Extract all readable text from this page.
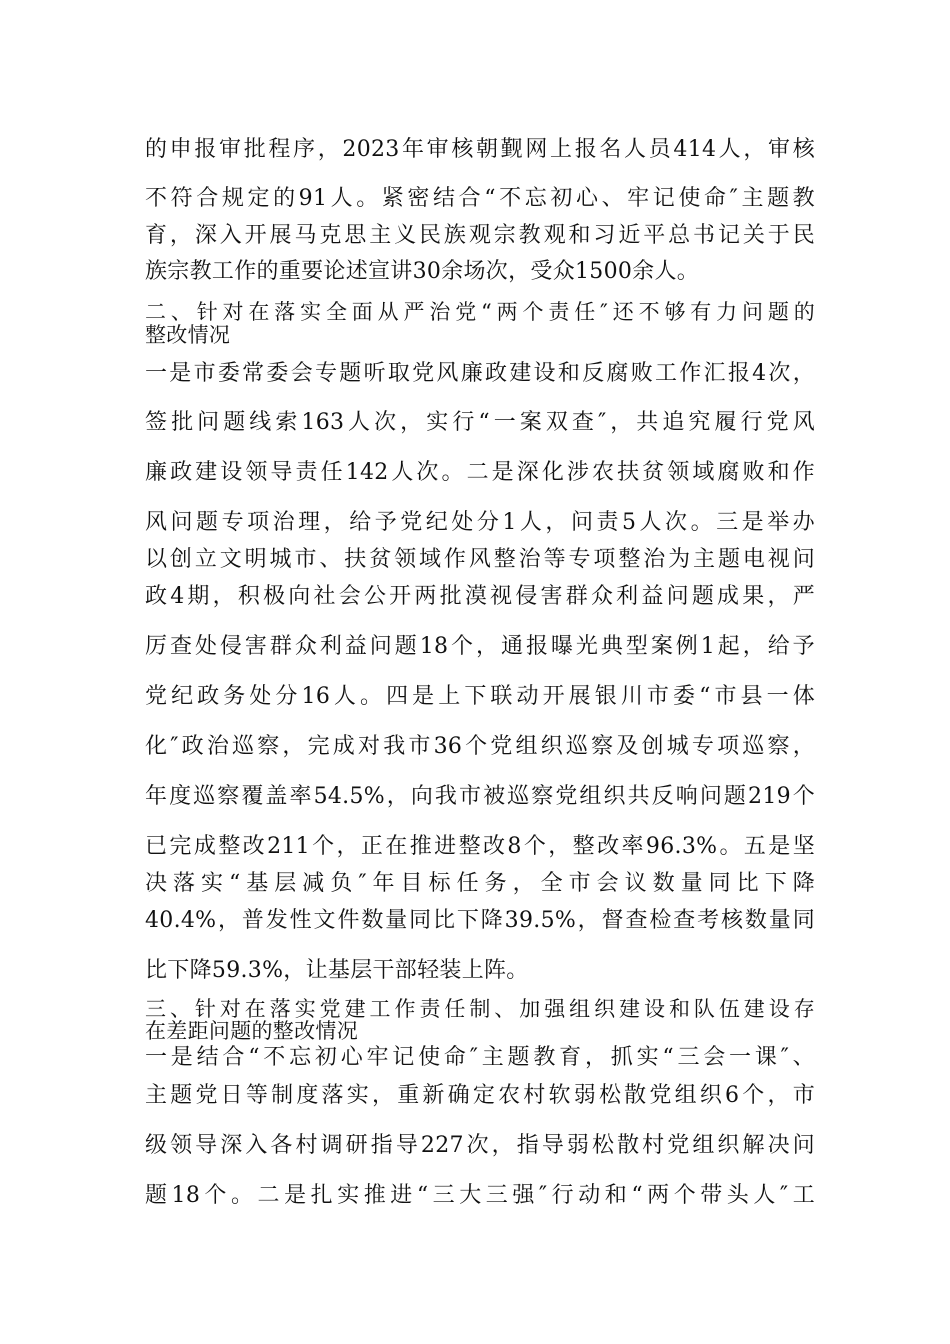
的申报审批程序，2023年审核朝觐网上报名人员414人，审核
不符合规定的91人。紧密结合“不忘初心、牢记使命″主题教
育，深入开展马克思主义民族观宗教观和习近平总书记关于民
族宗教工作的重要论述宣讲30余场次，受众1500余人。
二、针对在落实全面从严治党“两个责任″还不够有力问题的
整改情况
一是市委常委会专题听取党风廉政建设和反腐败工作汇报4次，
签批问题线索163人次，实行“一案双查″，共追究履行党风
廉政建设领导责任142人次。二是深化涉农扶贫领域腐败和作
风问题专项治理，给予党纪处分1人，问责5人次。三是举办
以创立文明城市、扶贫领域作风整治等专项整治为主题电视问
政4期，积极向社会公开两批漠视侵害群众利益问题成果，严
厉查处侵害群众利益问题18个，通报曝光典型案例1起，给予
党纪政务处分16人。四是上下联动开展银川市委“市县一体
化″政治巡察，完成对我市36个党组织巡察及创城专项巡察，
年度巡察覆盖率54.5%，向我市被巡察党组织共反响问题219个
已完成整改211个，正在推进整改8个，整改率96.3%。五是坚
决落实“基层减负″年目标任务，全市会议数量同比下降
40.4%，普发性文件数量同比下降39.5%，督查检查考核数量同
比下降59.3%，让基层干部轻装上阵。
三、针对在落实党建工作责任制、加强组织建设和队伍建设存
在差距问题的整改情况
一是结合“不忘初心牢记使命″主题教育，抓实“三会一课″、
主题党日等制度落实，重新确定农村软弱松散党组织6个，市
级领导深入各村调研指导227次，指导弱松散村党组织解决问
题18个。二是扎实推进“三大三强″行动和“两个带头人″工
